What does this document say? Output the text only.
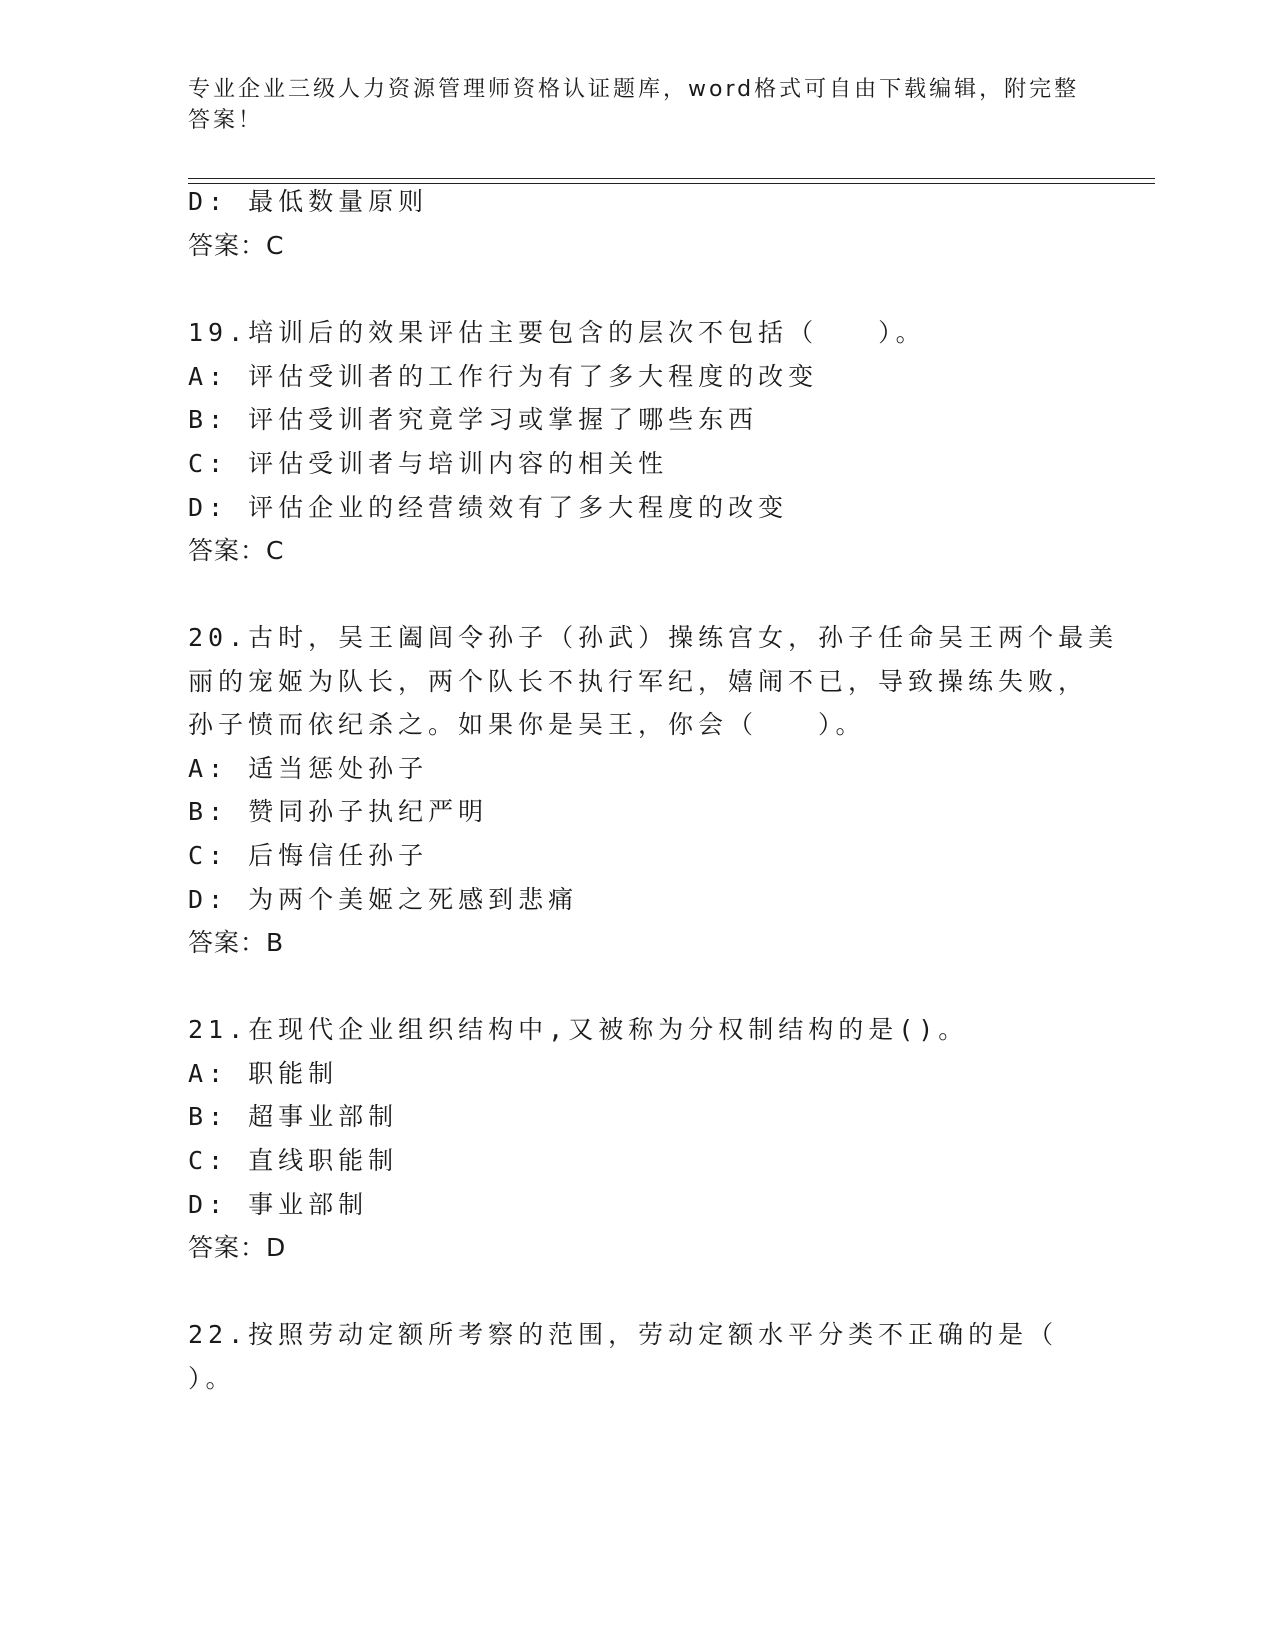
专业企业三级人力资源管理师资格认证题库，word格式可自由下载编辑，附完整
答案！
D: 最低数量原则
答案：C
19.培训后的效果评估主要包含的层次不包括（　　）。
A: 评估受训者的工作行为有了多大程度的改变
B: 评估受训者究竟学习或掌握了哪些东西
C: 评估受训者与培训内容的相关性
D: 评估企业的经营绩效有了多大程度的改变
答案：C
20.古时，吴王阖闾令孙子（孙武）操练宫女，孙子任命吴王两个最美
丽的宠姬为队长，两个队长不执行军纪，嬉闹不已，导致操练失败，
孙子愤而依纪杀之。如果你是吴王，你会（　　）。
A: 适当惩处孙子
B: 赞同孙子执纪严明
C: 后悔信任孙子
D: 为两个美姬之死感到悲痛
答案：B
21.在现代企业组织结构中,又被称为分权制结构的是()。
A: 职能制
B: 超事业部制
C: 直线职能制
D: 事业部制
答案：D
22.按照劳动定额所考察的范围，劳动定额水平分类不正确的是（
）。
